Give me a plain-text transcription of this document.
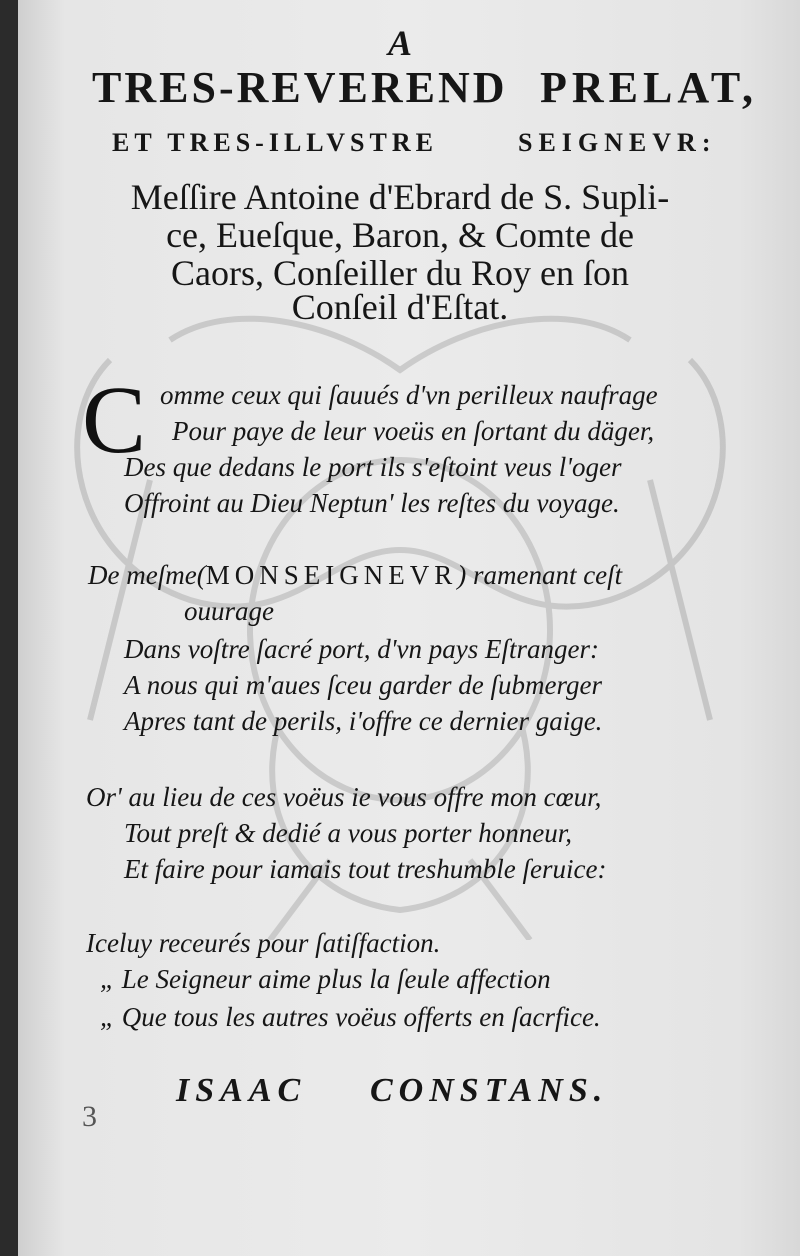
A
TRES-REVEREND PRELAT,
ET TRES-ILLVSTRE	SEIGNEVR:
Meſſire Antoine d'Ebrard de S. Supli-
ce, Eueſque, Baron, & Comte de
Caors, Conſeiller du Roy en ſon
Conſeil d'Eſtat.
C omme ceux qui ſauués d'vn perilleux naufrage
Pour paye de leur voeüs en ſortant du däger,
Des que dedans le port ils s'eſtoint veus l'oger
Offroint au Dieu Neptun' les reſtes du voyage.
De meſme(MONSEIGNEVR) ramenant ceſt
ouurage
Dans voſtre ſacré port, d'vn pays Eſtranger:
A nous qui m'aues ſceu garder de ſubmerger
Apres tant de perils, i'offre ce dernier gaige.
Or' au lieu de ces voëus ie vous offre mon cœur,
Tout preſt & dedié a vous porter honneur,
Et faire pour iamais tout treshumble ſeruice:
Iceluy receurés pour ſatiſfaction.
„ Le Seigneur aime plus la ſeule affection
„ Que tous les autres voëus offerts en ſacrfice.
ISAAC CONSTANS.
3
